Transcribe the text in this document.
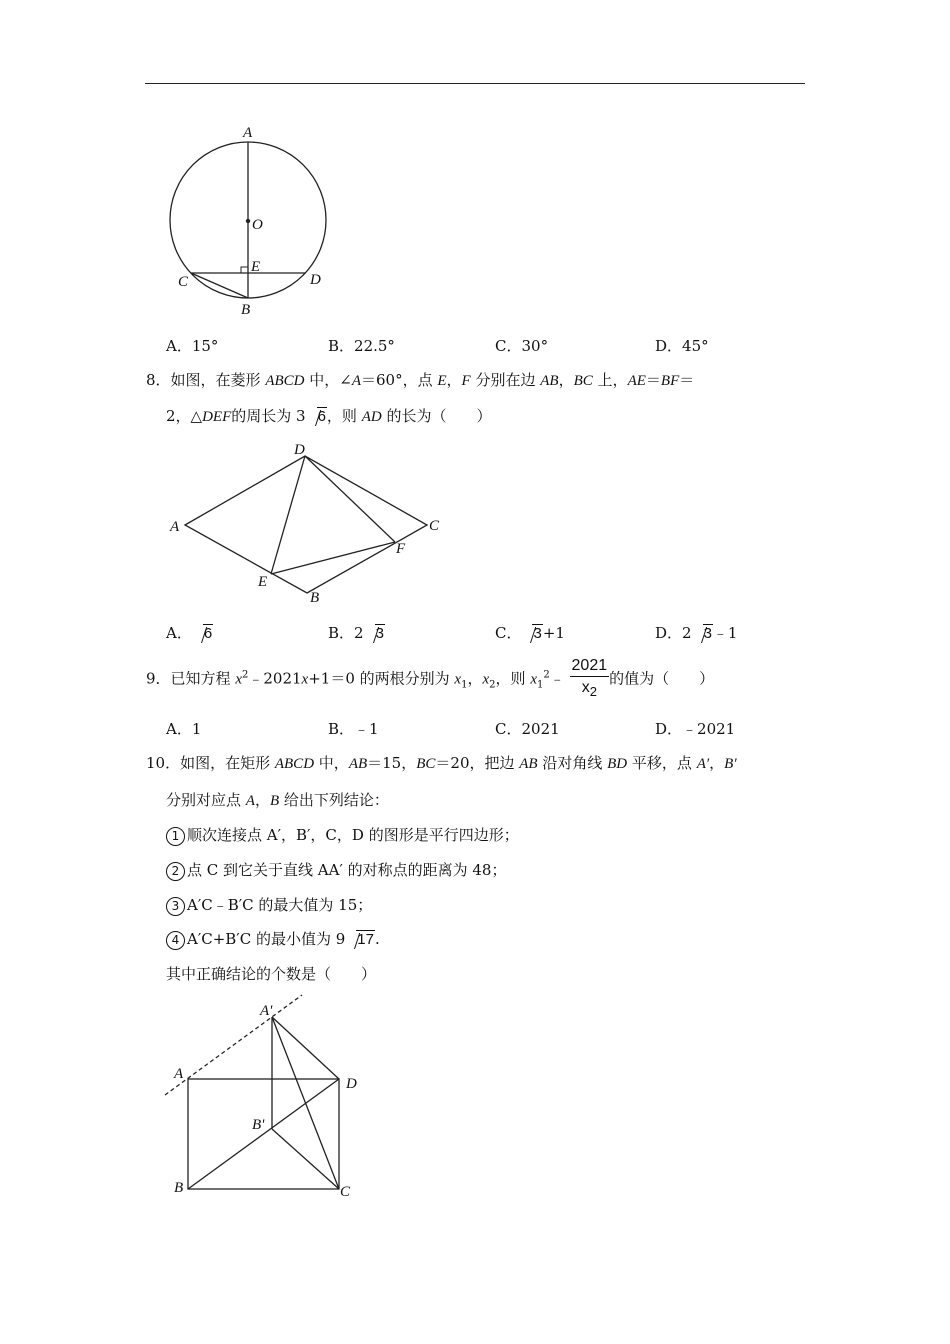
A
O
E
C	D
B
A．15°	B．22.5°	C．30°	D．45°
8．如图，在菱形 ABCD 中，∠A＝60°，点 E，F 分别在边 AB，BC 上，AE＝BF＝
2，△DEF的周长为 3 6，则 AD 的长为（　　）
D
A	C
F
E
B
A． 6	B．2 3	C． 3+1	D．2 3﹣1
9．已知方程 $x^2﹣2021x+1=0$ 的两根分别为 $x_1$，$x_2$，则 $x_1^2﹣ \frac{2021}{x_2}$ 的值为（　　）
A．1	B．﹣1	C．2021	D．﹣2021
10．如图，在矩形 ABCD 中，AB＝15，BC＝20，把边 AB 沿对角线 BD 平移，点 A′，B′
分别对应点 A，B 给出下列结论：
1 顺次连接点 A′，B′，C，D 的图形是平行四边形；
2 点 C 到它关于直线 AA′ 的对称点的距离为 48；
3 A′C﹣B′C 的最大值为 15；
4 A′C+B′C 的最小值为 9 17.
其中正确结论的个数是（　　）
A'
A
D
B'
B	C
